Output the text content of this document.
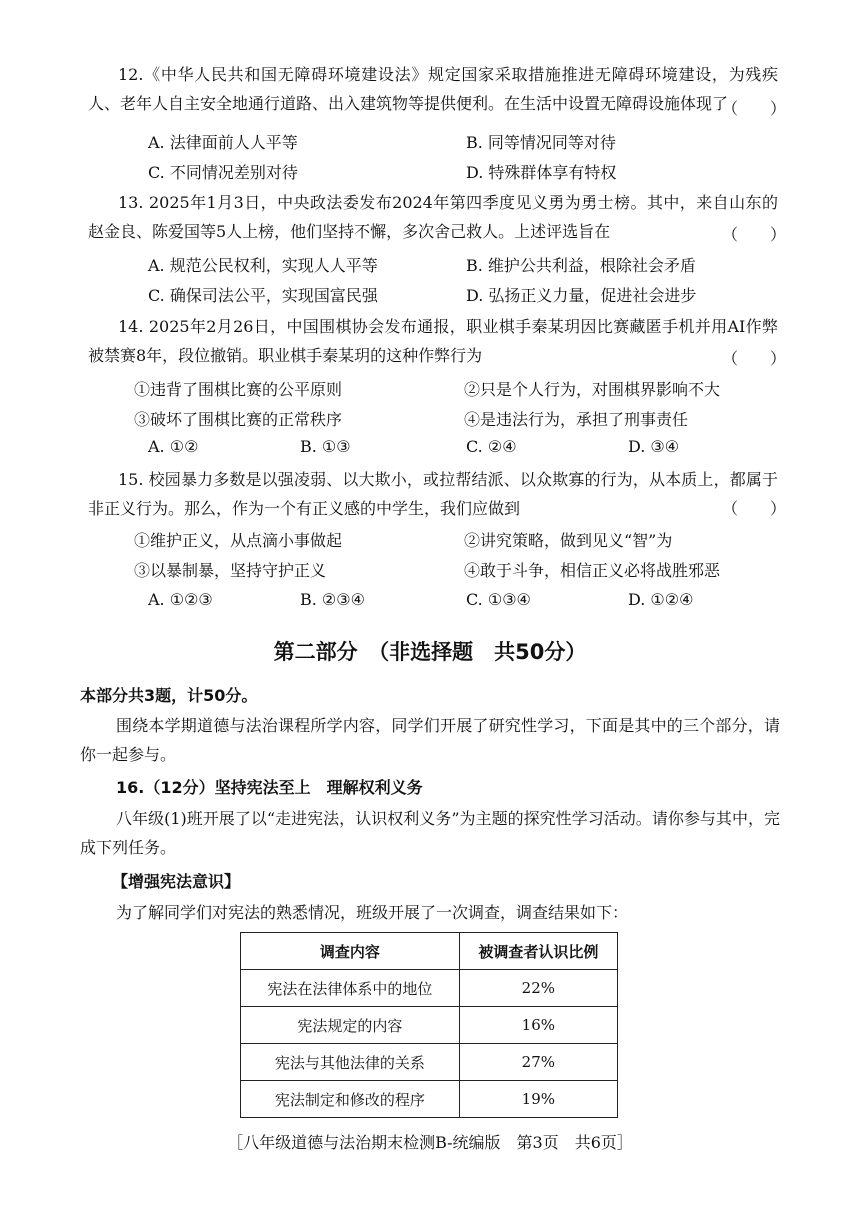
12.《中华人民共和国无障碍环境建设法》规定国家采取措施推进无障碍环境建设，为残疾人、老年人自主安全地通行道路、出入建筑物等提供便利。在生活中设置无障碍设施体现了
（　　）
A. 法律面前人人平等	B. 同等情况同等对待
C. 不同情况差别对待	D. 特殊群体享有特权
13. 2025年1月3日，中央政法委发布2024年第四季度见义勇为勇士榜。其中，来自山东的赵金良、陈爱国等5人上榜，他们坚持不懈，多次舍己救人。上述评选旨在	（　　）
A. 规范公民权利，实现人人平等	B. 维护公共利益，根除社会矛盾
C. 确保司法公平，实现国富民强	D. 弘扬正义力量，促进社会进步
14. 2025年2月26日，中国围棋协会发布通报，职业棋手秦某玥因比赛藏匿手机并用AI作弊被禁赛8年，段位撤销。职业棋手秦某玥的这种作弊行为	（　　）
①违背了围棋比赛的公平原则	②只是个人行为，对围棋界影响不大
③破坏了围棋比赛的正常秩序	④是违法行为，承担了刑事责任
A. ①②	B. ①③	C. ②④	D. ③④
15. 校园暴力多数是以强凌弱、以大欺小，或拉帮结派、以众欺寡的行为，从本质上，都属于非正义行为。那么，作为一个有正义感的中学生，我们应做到	（　　）
①维护正义，从点滴小事做起	②讲究策略，做到见义“智”为
③以暴制暴，坚持守护正义	④敢于斗争，相信正义必将战胜邪恶
A. ①②③	B. ②③④	C. ①③④	D. ①②④
第二部分　（非选择题　共50分）
本部分共3题，计50分。
围绕本学期道德与法治课程所学内容，同学们开展了研究性学习，下面是其中的三个部分，请你一起参与。
16.（12分）坚持宪法至上　理解权利义务
八年级(1)班开展了以“走进宪法，认识权利义务”为主题的探究性学习活动。请你参与其中，完成下列任务。
【增强宪法意识】
为了解同学们对宪法的熟悉情况，班级开展了一次调查，调查结果如下：
调查内容	被调查者认识比例
宪法在法律体系中的地位	22%
宪法规定的内容	16%
宪法与其他法律的关系	27%
宪法制定和修改的程序	19%
［八年级道德与法治期末检测B-统编版　第3页　共6页］
